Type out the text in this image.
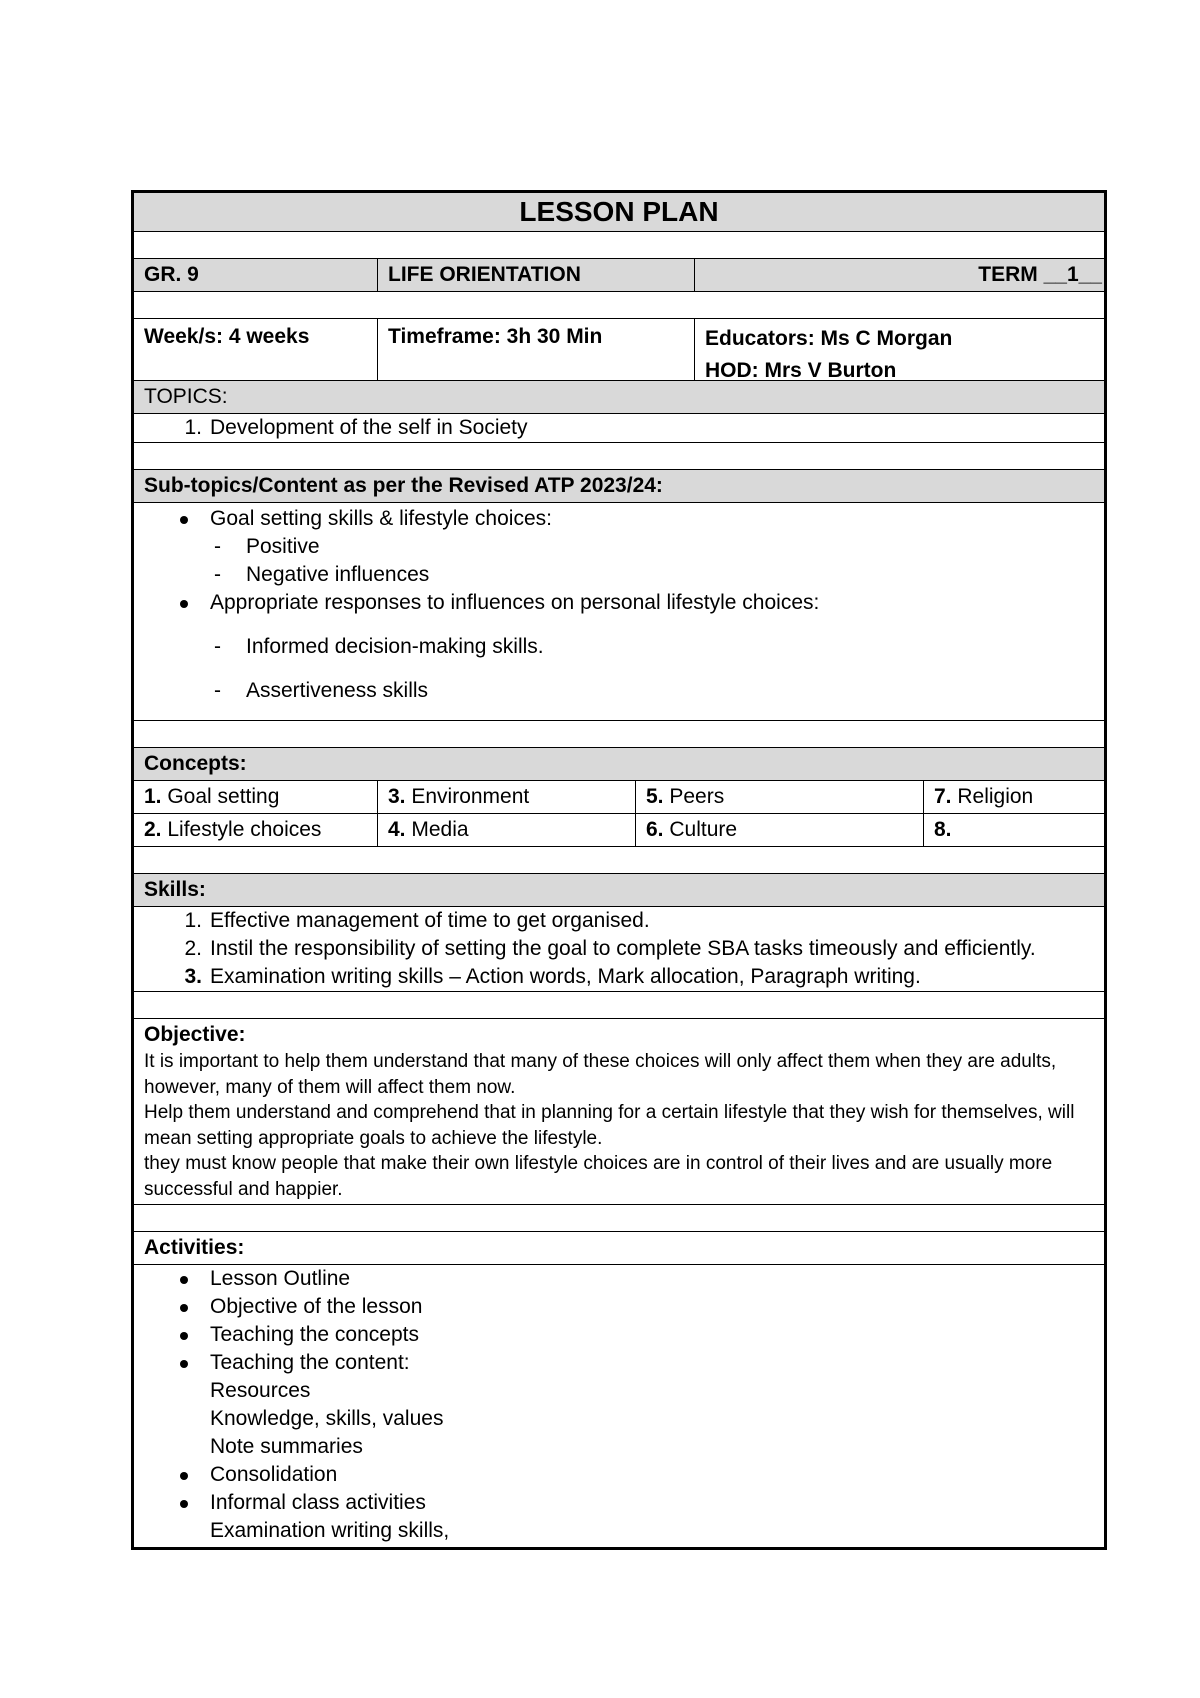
LESSON PLAN
GR. 9	LIFE ORIENTATION	TERM __1__
Week/s: 4 weeks	Timeframe: 3h 30 Min	Educators: Ms C Morgan
HOD: Mrs V Burton
TOPICS:
1. Development of the self in Society
Sub-topics/Content as per the Revised ATP 2023/24:
Goal setting skills & lifestyle choices:
- Positive
- Negative influences
Appropriate responses to influences on personal lifestyle choices:
- Informed decision-making skills.
- Assertiveness skills
Concepts:
1. Goal setting	3. Environment	5. Peers	7. Religion
2. Lifestyle choices	4. Media	6. Culture	8.
Skills:
1. Effective management of time to get organised.
2. Instil the responsibility of setting the goal to complete SBA tasks timeously and efficiently.
3. Examination writing skills – Action words, Mark allocation, Paragraph writing.
Objective:
It is important to help them understand that many of these choices will only affect them when they are adults, however, many of them will affect them now.
Help them understand and comprehend that in planning for a certain lifestyle that they wish for themselves, will mean setting appropriate goals to achieve the lifestyle.
they must know people that make their own lifestyle choices are in control of their lives and are usually more successful and happier.
Activities:
Lesson Outline
Objective of the lesson
Teaching the concepts
Teaching the content:
Resources
Knowledge, skills, values
Note summaries
Consolidation
Informal class activities
Examination writing skills,
